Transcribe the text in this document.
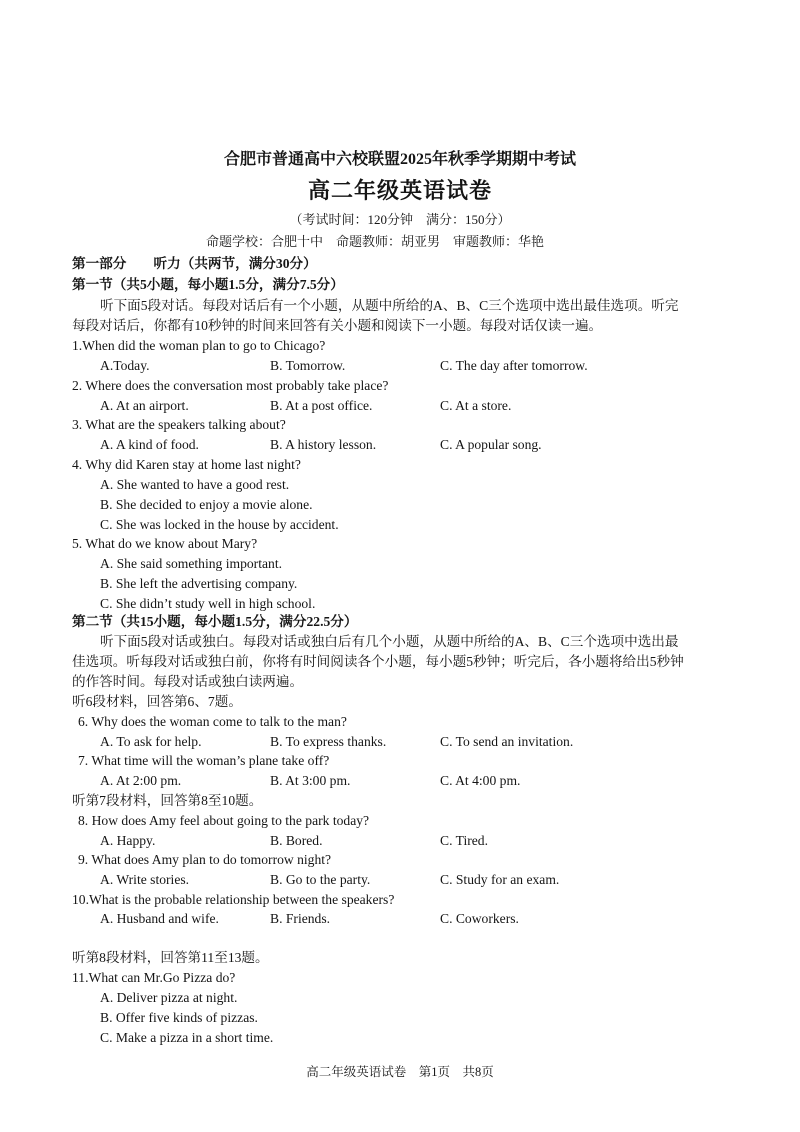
合肥市普通高中六校联盟2025年秋季学期期中考试
高二年级英语试卷
（考试时间：120分钟　满分：150分）
命题学校：合肥十中　命题教师：胡亚男　审题教师：华艳
第一部分　　听力（共两节，满分30分）
第一节（共5小题，每小题1.5分，满分7.5分）
听下面5段对话。每段对话后有一个小题，从题中所给的A、B、C三个选项中选出最佳选项。听完
每段对话后，你都有10秒钟的时间来回答有关小题和阅读下一小题。每段对话仅读一遍。
1.When did the woman plan to go to Chicago?
A.Today.	B. Tomorrow.	C. The day after tomorrow.
2. Where does the conversation most probably take place?
A. At an airport.	B. At a post office.	C. At a store.
3. What are the speakers talking about?
A. A kind of food.	B. A history lesson.	C. A popular song.
4. Why did Karen stay at home last night?
A. She wanted to have a good rest.
B. She decided to enjoy a movie alone.
C. She was locked in the house by accident.
5. What do we know about Mary?
A. She said something important.
B. She left the advertising company.
C. She didn’t study well in high school.
第二节（共15小题，每小题1.5分，满分22.5分）
听下面5段对话或独白。每段对话或独白后有几个小题，从题中所给的A、B、C三个选项中选出最
佳选项。听每段对话或独白前，你将有时间阅读各个小题，每小题5秒钟；听完后，各小题将给出5秒钟
的作答时间。每段对话或独白读两遍。
听6段材料，回答第6、7题。
6. Why does the woman come to talk to the man?
A. To ask for help.	B. To express thanks.	C. To send an invitation.
7. What time will the woman’s plane take off?
A. At 2:00 pm.	B. At 3:00 pm.	C. At 4:00 pm.
听第7段材料，回答第8至10题。
8. How does Amy feel about going to the park today?
A. Happy.	B. Bored.	C. Tired.
9. What does Amy plan to do tomorrow night?
A. Write stories.	B. Go to the party.	C. Study for an exam.
10.What is the probable relationship between the speakers?
A. Husband and wife.	B. Friends.	C. Coworkers.
听第8段材料，回答第11至13题。
11.What can Mr.Go Pizza do?
A. Deliver pizza at night.
B. Offer five kinds of pizzas.
C. Make a pizza in a short time.
高二年级英语试卷　第1页　共8页
